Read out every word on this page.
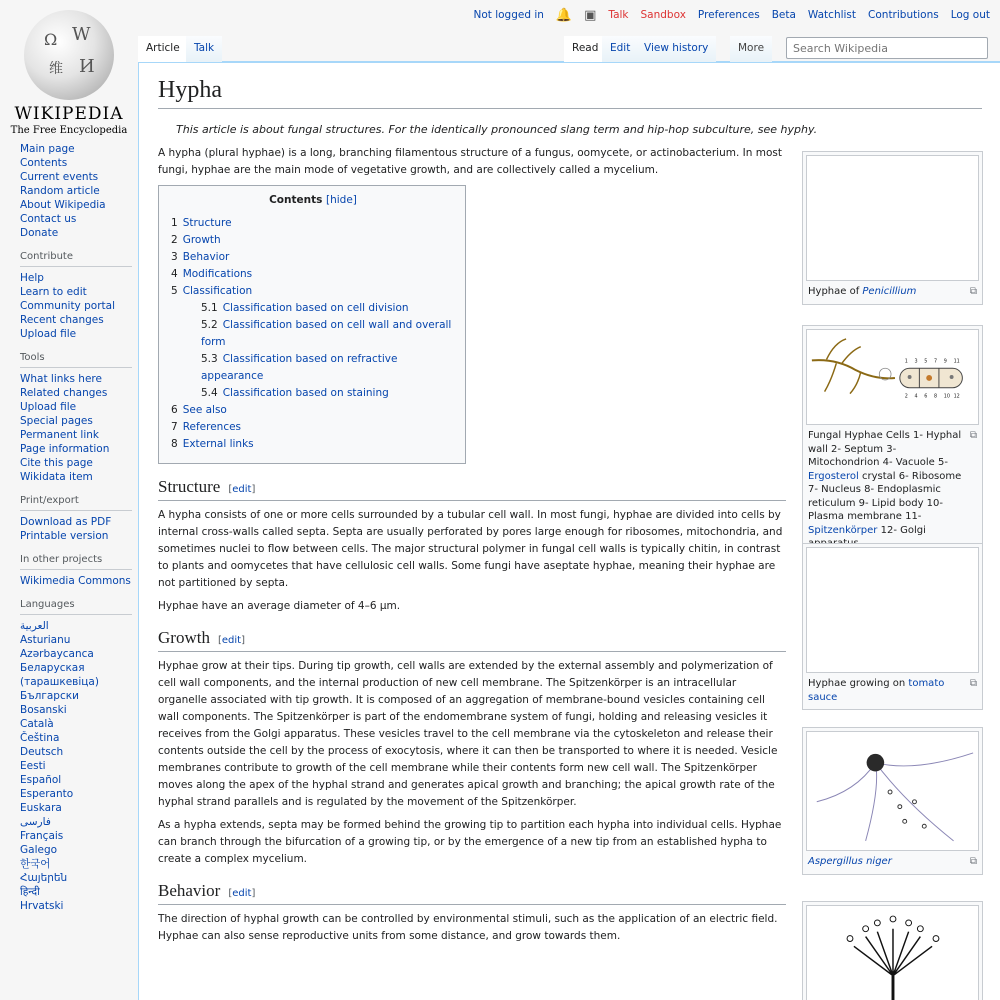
Ω W
维 И
WIKIPEDIA
The Free Encyclopedia
Main page
Contents
Current events
Random article
About Wikipedia
Contact us
Donate
Contribute
Help
Learn to edit
Community portal
Recent changes
Upload file
Tools
What links here
Related changes
Upload file
Special pages
Permanent link
Page information
Cite this page
Wikidata item
Print/export
Download as PDF
Printable version
In other projects
Wikimedia Commons
Languages
العربية
Asturianu
Azərbaycanca
Беларуская (тарашкевіца)
Български
Bosanski
Català
Čeština
Deutsch
Eesti
Español
Esperanto
Euskara
فارسی
Français
Galego
한국어
Հայերեն
हिन्दी
Hrvatski
Not logged in 🔔 ▣ Talk Sandbox Preferences Beta Watchlist Contributions Log out
Article	Talk	Read	Edit	View history	More
Search Wikipedia
Hypha
This article is about fungal structures. For the identically pronounced slang term and hip-hop subculture, see hyphy.

A hypha (plural hyphae) is a long, branching filamentous structure of a fungus, oomycete, or actinobacterium. In most fungi, hyphae are the main mode of vegetative growth, and are collectively called a mycelium.

Contents [hide]
1 Structure
2 Growth
3 Behavior
4 Modifications
5 Classification
5.1 Classification based on cell division
5.2 Classification based on cell wall and overall form
5.3 Classification based on refractive appearance
5.4 Classification based on staining
6 See also
7 References
8 External links
Structure [edit]

A hypha consists of one or more cells surrounded by a tubular cell wall. In most fungi, hyphae are divided into cells by internal cross-walls called septa. Septa are usually perforated by pores large enough for ribosomes, mitochondria, and sometimes nuclei to flow between cells. The major structural polymer in fungal cell walls is typically chitin, in contrast to plants and oomycetes that have cellulosic cell walls. Some fungi have aseptate hyphae, meaning their hyphae are not partitioned by septa.

Hyphae have an average diameter of 4–6 µm.

Growth [edit]

Hyphae grow at their tips. During tip growth, cell walls are extended by the external assembly and polymerization of cell wall components, and the internal production of new cell membrane. The Spitzenkörper is an intracellular organelle associated with tip growth. It is composed of an aggregation of membrane-bound vesicles containing cell wall components. The Spitzenkörper is part of the endomembrane system of fungi, holding and releasing vesicles it receives from the Golgi apparatus. These vesicles travel to the cell membrane via the cytoskeleton and release their contents outside the cell by the process of exocytosis, where it can then be transported to where it is needed. Vesicle membranes contribute to growth of the cell membrane while their contents form new cell wall. The Spitzenkörper moves along the apex of the hyphal strand and generates apical growth and branching; the apical growth rate of the hyphal strand parallels and is regulated by the movement of the Spitzenkörper.

As a hypha extends, septa may be formed behind the growing tip to partition each hypha into individual cells. Hyphae can branch through the bifurcation of a growing tip, or by the emergence of a new tip from an established hypha to create a complex mycelium.

Behavior [edit]

The direction of hyphal growth can be controlled by environmental stimuli, such as the application of an electric field. Hyphae can also sense reproductive units from some distance, and grow towards them.

Hyphae of Penicillium	⧉
1 3 5 7 9 11
2 4 6 8 10 12
Fungal Hyphae Cells 1- Hyphal wall 2- Septum 3- Mitochondrion 4- Vacuole 5- Ergosterol crystal 6- Ribosome 7- Nucleus 8- Endoplasmic reticulum 9- Lipid body 10- Plasma membrane 11- Spitzenkörper 12- Golgi
⧉
Hyphae growing on tomato sauce
⧉
Aspergillus niger	⧉
